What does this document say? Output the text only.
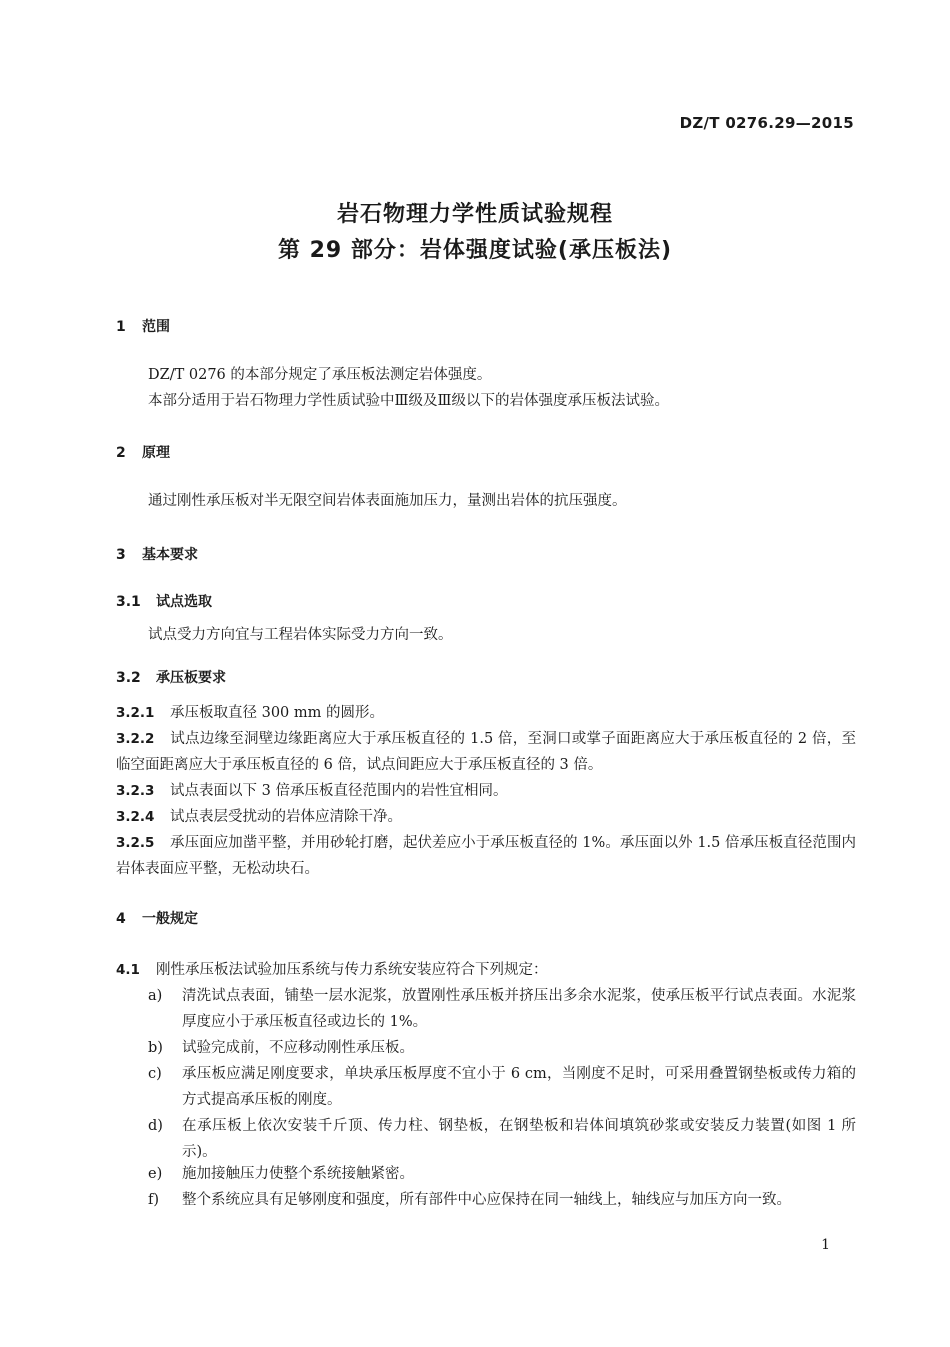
DZ/T 0276.29—2015
岩石物理力学性质试验规程
第 29 部分：岩体强度试验(承压板法)
1 范围
DZ/T 0276 的本部分规定了承压板法测定岩体强度。
本部分适用于岩石物理力学性质试验中Ⅲ级及Ⅲ级以下的岩体强度承压板法试验。
2 原理
通过刚性承压板对半无限空间岩体表面施加压力，量测出岩体的抗压强度。
3 基本要求
3.1 试点选取
试点受力方向宜与工程岩体实际受力方向一致。
3.2 承压板要求
3.2.1 承压板取直径 300 mm 的圆形。
3.2.2 试点边缘至洞壁边缘距离应大于承压板直径的 1.5 倍，至洞口或掌子面距离应大于承压板直径的 2 倍，至临空面距离应大于承压板直径的 6 倍，试点间距应大于承压板直径的 3 倍。
3.2.3 试点表面以下 3 倍承压板直径范围内的岩性宜相同。
3.2.4 试点表层受扰动的岩体应清除干净。
3.2.5 承压面应加凿平整，并用砂轮打磨，起伏差应小于承压板直径的 1%。承压面以外 1.5 倍承压板直径范围内岩体表面应平整，无松动块石。
4 一般规定
4.1 刚性承压板法试验加压系统与传力系统安装应符合下列规定：
a)	清洗试点表面，铺垫一层水泥浆，放置刚性承压板并挤压出多余水泥浆，使承压板平行试点表面。水泥浆厚度应小于承压板直径或边长的 1%。
b)	试验完成前，不应移动刚性承压板。
c)	承压板应满足刚度要求，单块承压板厚度不宜小于 6 cm，当刚度不足时，可采用叠置钢垫板或传力箱的方式提高承压板的刚度。
d)	在承压板上依次安装千斤顶、传力柱、钢垫板，在钢垫板和岩体间填筑砂浆或安装反力装置(如图 1 所示)。
e)	施加接触压力使整个系统接触紧密。
f)	整个系统应具有足够刚度和强度，所有部件中心应保持在同一轴线上，轴线应与加压方向一致。
1
